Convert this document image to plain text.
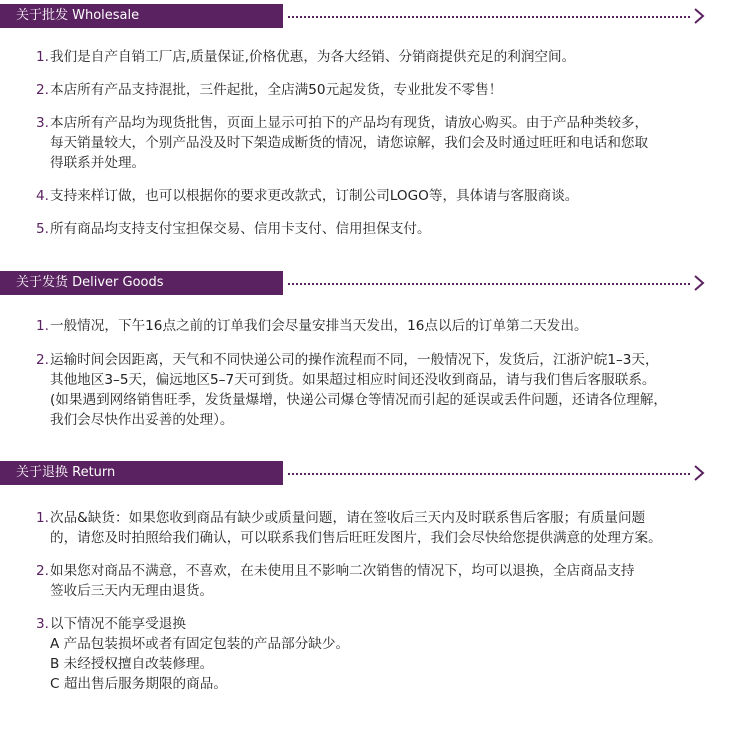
关于批发 Wholesale
1.我们是自产自销工厂店,质量保证,价格优惠，为各大经销、分销商提供充足的利润空间。
2.本店所有产品支持混批，三件起批，全店满50元起发货，专业批发不零售！
3.本店所有产品均为现货批售，页面上显示可拍下的产品均有现货，请放心购买。由于产品种类较多，
每天销量较大，个别产品没及时下架造成断货的情况，请您谅解，我们会及时通过旺旺和电话和您取
得联系并处理。
4.支持来样订做，也可以根据你的要求更改款式，订制公司LOGO等，具体请与客服商谈。
5.所有商品均支持支付宝担保交易、信用卡支付、信用担保支付。
关于发货 Deliver Goods
1.一般情况，下午16点之前的订单我们会尽量安排当天发出，16点以后的订单第二天发出。
2.运输时间会因距离，天气和不同快递公司的操作流程而不同，一般情况下，发货后，江浙沪皖1–3天，
其他地区3–5天，偏远地区5–7天可到货。如果超过相应时间还没收到商品，请与我们售后客服联系。
(如果遇到网络销售旺季，发货量爆增，快递公司爆仓等情况而引起的延误或丢件问题，还请各位理解，
我们会尽快作出妥善的处理）。
关于退换 Return
1.次品&缺货：如果您收到商品有缺少或质量问题，请在签收后三天内及时联系售后客服；有质量问题
的，请您及时拍照给我们确认，可以联系我们售后旺旺发图片，我们会尽快给您提供满意的处理方案。
2.如果您对商品不满意，不喜欢，在未使用且不影响二次销售的情况下，均可以退换，全店商品支持
签收后三天内无理由退货。
3.以下情况不能享受退换
A 产品包装损坏或者有固定包装的产品部分缺少。
B 未经授权擅自改装修理。
C 超出售后服务期限的商品。
